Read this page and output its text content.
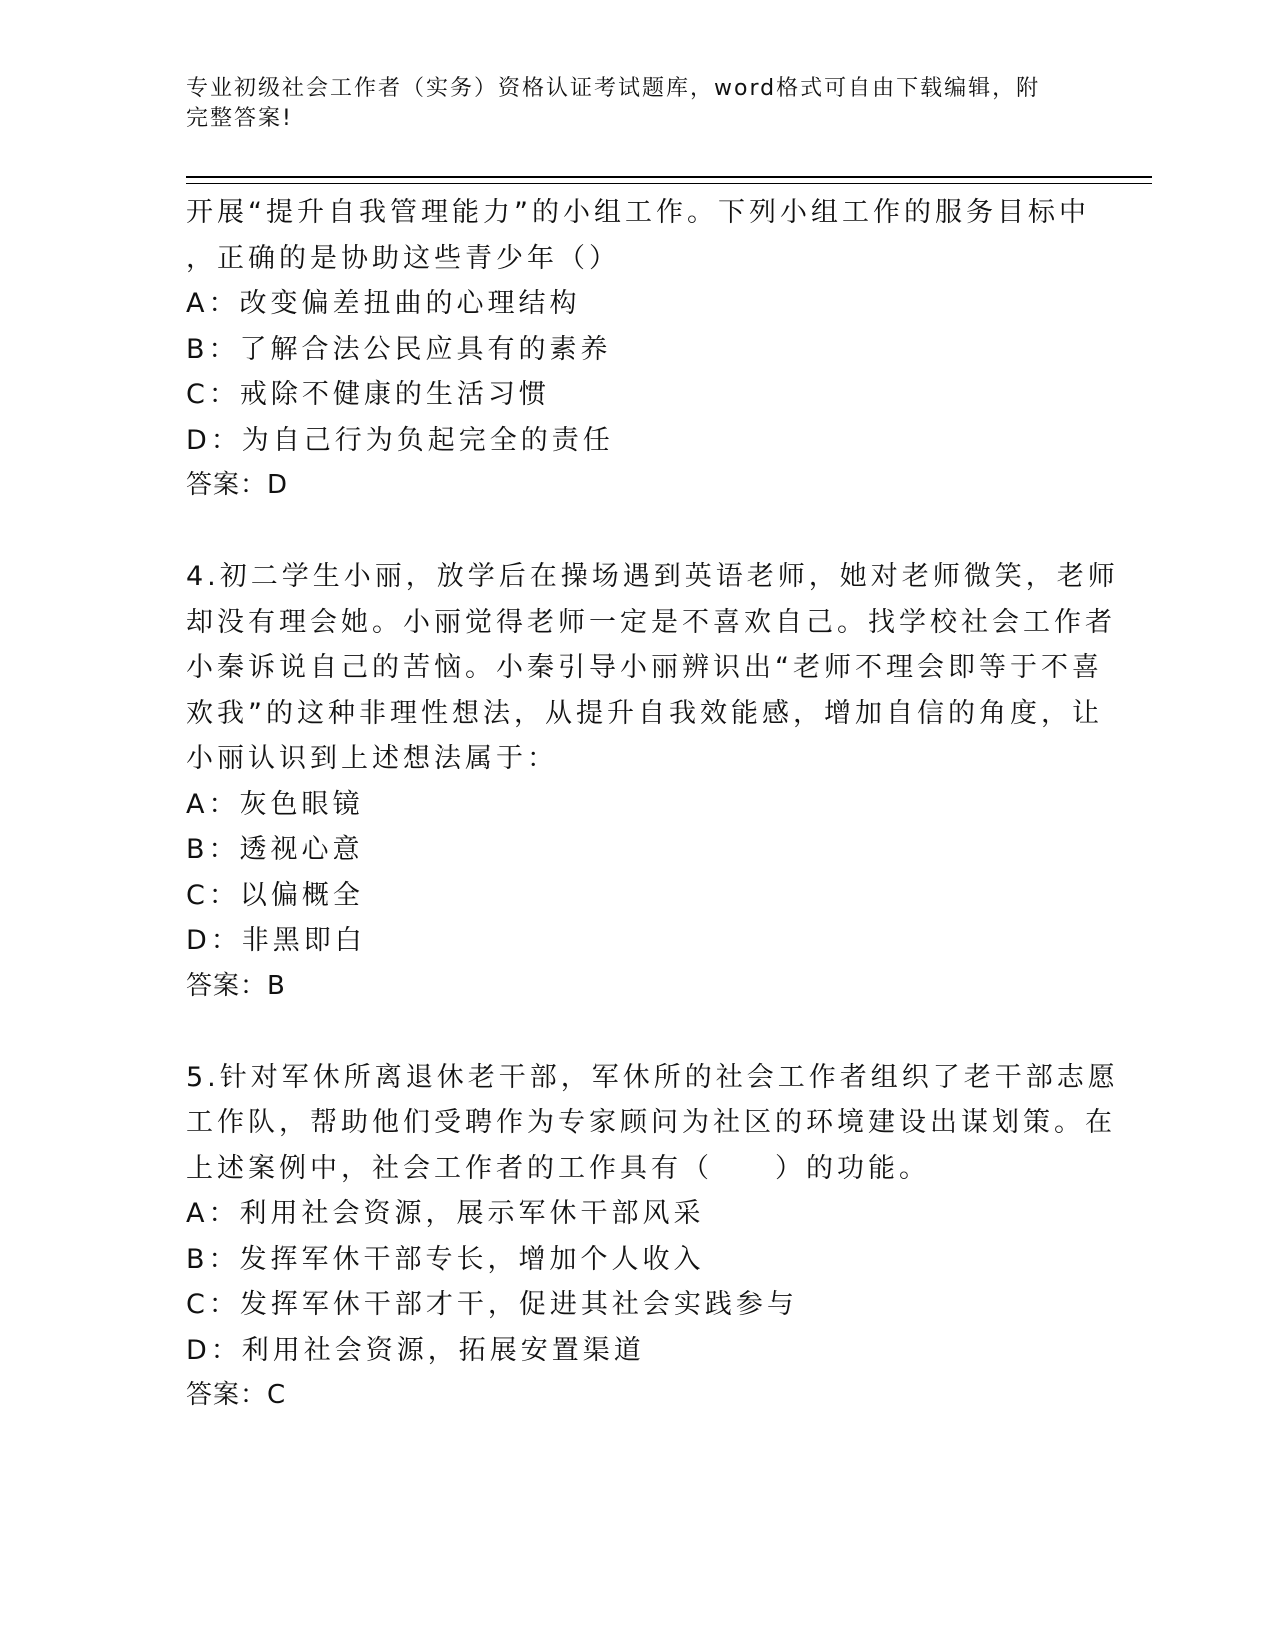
专业初级社会工作者（实务）资格认证考试题库，word格式可自由下载编辑，附
完整答案!
开展“提升自我管理能力”的小组工作。下列小组工作的服务目标中
，正确的是协助这些青少年（）
A：改变偏差扭曲的心理结构
B：了解合法公民应具有的素养
C：戒除不健康的生活习惯
D：为自己行为负起完全的责任
答案：D
4.初二学生小丽，放学后在操场遇到英语老师，她对老师微笑，老师
却没有理会她。小丽觉得老师一定是不喜欢自己。找学校社会工作者
小秦诉说自己的苦恼。小秦引导小丽辨识出“老师不理会即等于不喜
欢我”的这种非理性想法，从提升自我效能感，增加自信的角度，让
小丽认识到上述想法属于：
A：灰色眼镜
B：透视心意
C：以偏概全
D：非黑即白
答案：B
5.针对军休所离退休老干部，军休所的社会工作者组织了老干部志愿
工作队，帮助他们受聘作为专家顾问为社区的环境建设出谋划策。在
上述案例中，社会工作者的工作具有（　　）的功能。
A：利用社会资源，展示军休干部风采
B：发挥军休干部专长，增加个人收入
C：发挥军休干部才干，促进其社会实践参与
D：利用社会资源，拓展安置渠道
答案：C
